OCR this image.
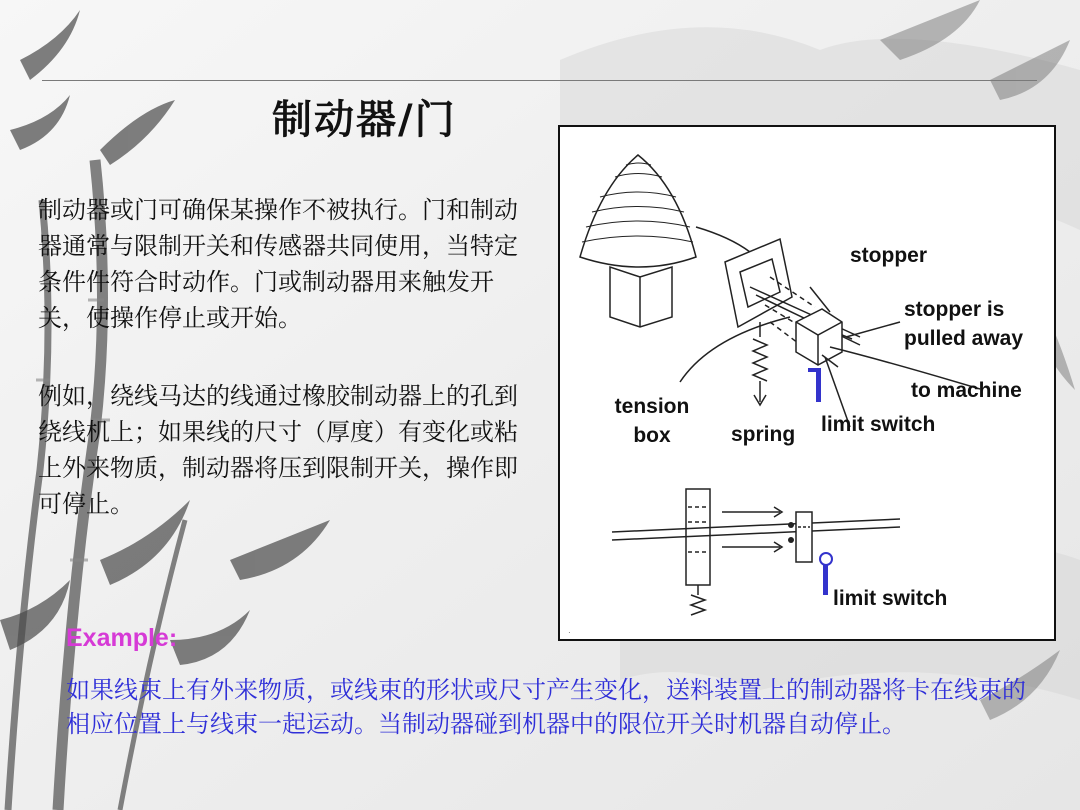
制动器/门

制动器或门可确保某操作不被执行。门和制动器通常与限制开关和传感器共同使用，当特定条件件符合时动作。门或制动器用来触发开关，使操作停止或开始。

例如，绕线马达的线通过橡胶制动器上的孔到绕线机上；如果线的尺寸（厚度）有变化或粘上外来物质，制动器将压到限制开关，操作即可停止。

Example:

如果线束上有外来物质，或线束的形状或尺寸产生变化，送料装置上的制动器将卡在线束的相应位置上与线束一起运动。当制动器碰到机器中的限位开关时机器自动停止。

·
stopper
stopper is
pulled away
to machine
tension
box	spring limit switch
limit switch
